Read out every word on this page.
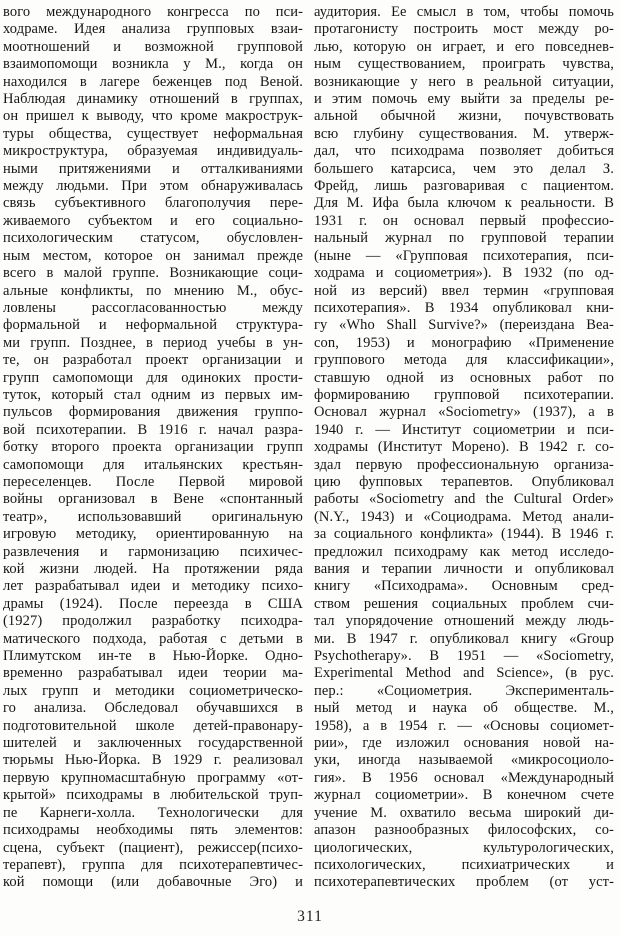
вого международного конгресса по пси-
ходраме. Идея анализа групповых взаи-
моотношений и возможной групповой
взаимопомощи возникла у М., когда он
находился в лагере беженцев под Веной.
Наблюдая динамику отношений в группах,
он пришел к выводу, что кроме макрострук-
туры общества, существует неформальная
микроструктура, образуемая индивидуаль-
ными притяжениями и отталкиваниями
между людьми. При этом обнаруживалась
связь субъективного благополучия пере-
живаемого субъектом и его социально-
психологическим статусом, обусловлен-
ным местом, которое он занимал прежде
всего в малой группе. Возникающие соци-
альные конфликты, по мнению М., обус-
ловлены рассогласованностью между
формальной и неформальной структура-
ми групп. Позднее, в период учебы в ун-
те, он разработал проект организации и
групп самопомощи для одиноких прости-
туток, который стал одним из первых им-
пульсов формирования движения группо-
вой психотерапии. В 1916 г. начал разра-
ботку второго проекта организации групп
самопомощи для итальянских крестьян-
переселенцев. После Первой мировой
войны организовал в Вене «спонтанный
театр», использовавший оригинальную
игровую методику, ориентированную на
развлечения и гармонизацию психичес-
кой жизни людей. На протяжении ряда
лет разрабатывал идеи и методику психо-
драмы (1924). После переезда в США
(1927) продолжил разработку психодра-
матического подхода, работая с детьми в
Плимутском ин-те в Нью-Йорке. Одно-
временно разрабатывал идеи теории ма-
лых групп и методики социометрическо-
го анализа. Обследовал обучавшихся в
подготовительной школе детей-правонару-
шителей и заключенных государственной
тюрьмы Нью-Йорка. В 1929 г. реализовал
первую крупномасштабную программу «от-
крытой» психодрамы в любительской труп-
пе Карнеги-холла. Технологически для
психодрамы необходимы пять элементов:
сцена, субъект (пациент), режиссер(психо-
терапевт), группа для психотерапевтичес-
кой помощи (или добавочные Эго) и
аудитория. Ее смысл в том, чтобы помочь
протагонисту построить мост между ро-
лью, которую он играет, и его повседнев-
ным существованием, проиграть чувства,
возникающие у него в реальной ситуации,
и этим помочь ему выйти за пределы ре-
альной обычной жизни, почувствовать
всю глубину существования. М. утверж-
дал, что психодрама позволяет добиться
большего катарсиса, чем это делал З.
Фрейд, лишь разговаривая с пациентом.
Для М. Ифа была ключом к реальности. В
1931 г. он основал первый профессио-
нальный журнал по групповой терапии
(ныне — «Групповая психотерапия, пси-
ходрама и социометрия»). В 1932 (по од-
ной из версий) ввел термин «групповая
психотерапия». В 1934 опубликовал кни-
гу «Who Shall Survive?» (переиздана Bea-
con, 1953) и монографию «Применение
группового метода для классификации»,
ставшую одной из основных работ по
формированию групповой психотерапии.
Основал журнал «Sociometry» (1937), а в
1940 г. — Институт социометрии и пси-
ходрамы (Институт Морено). В 1942 г. со-
здал первую профессиональную организа-
цию фупповых терапевтов. Опубликовал
работы «Sociometry and the Cultural Order»
(N.Y., 1943) и «Социодрама. Метод анали-
за социального конфликта» (1944). В 1946 г.
предложил психодраму как метод исследо-
вания и терапии личности и опубликовал
книгу «Психодрама». Основным сред-
ством решения социальных проблем счи-
тал упорядочение отношений между людь-
ми. В 1947 г. опубликовал книгу «Group
Psychotherapy». В 1951 — «Sociometry,
Experimental Method and Science», (в рус.
пер.: «Социометрия. Эксперименталь-
ный метод и наука об обществе. М.,
1958), а в 1954 г. — «Основы социомет-
рии», где изложил основания новой на-
уки, иногда называемой «микросоциоло-
гия». В 1956 основал «Международный
журнал социометрии». В конечном счете
учение М. охватило весьма широкий ди-
апазон разнообразных философских, со-
циологических, культурологических,
психологических, психиатрических и
психотерапевтических проблем (от уст-
311
